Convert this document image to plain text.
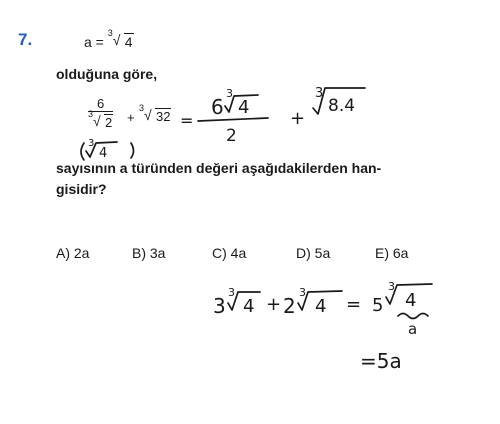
7.	a =
3 √ 4
olduğuna göre,
$\frac{6}{3 √ 2}$ +
3 √ 32
sayısının a türünden değeri aşağıdakilerden han-
gisidir?
A) 2a	B) 3a	C) 4a	D) 5a	E) 6a
=
6
3
4
2
+
3
8.4
3
4
3
3
4 + 2
3
4 = 5
3
4
a
=5a
